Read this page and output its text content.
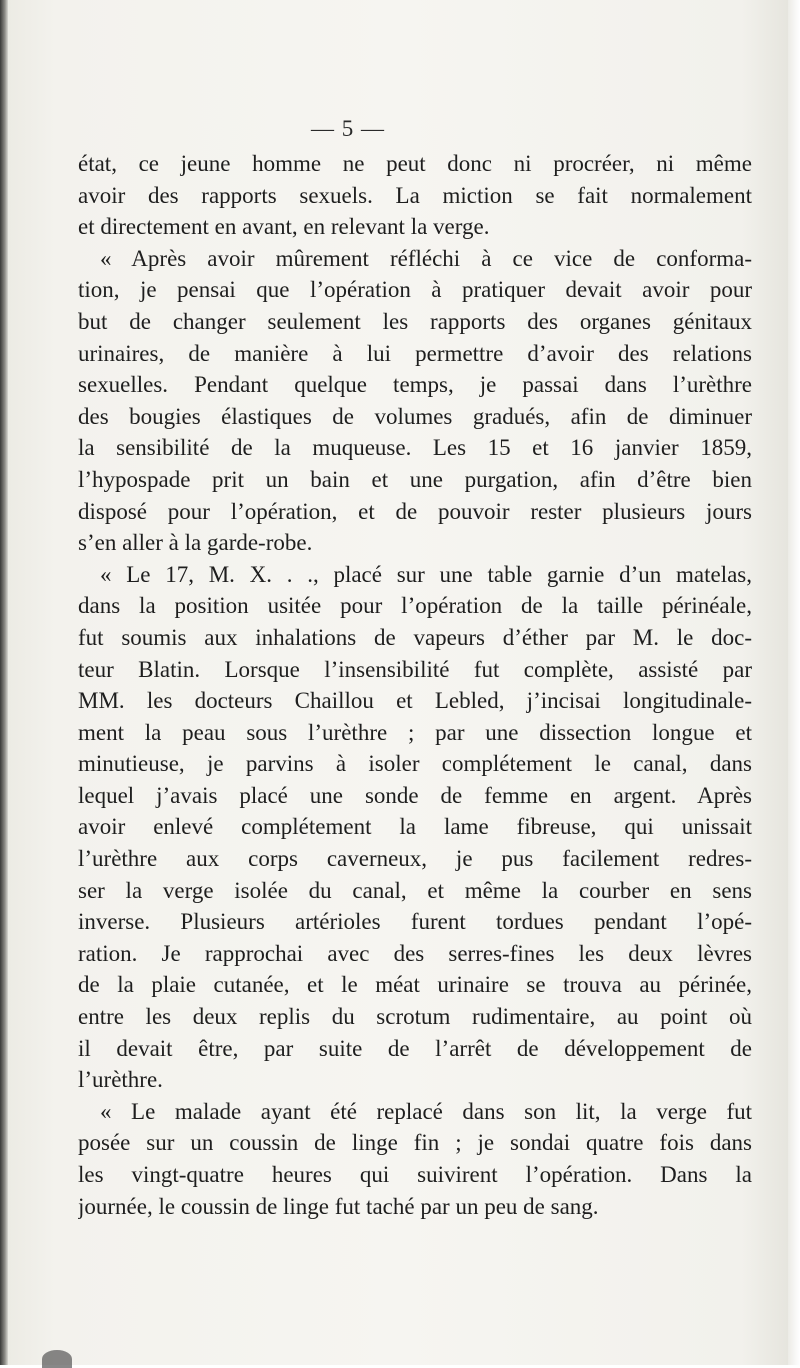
— 5 —
état, ce jeune homme ne peut donc ni procréer, ni même
avoir des rapports sexuels. La miction se fait normalement
et directement en avant, en relevant la verge.
« Après avoir mûrement réfléchi à ce vice de conforma-
tion, je pensai que l’opération à pratiquer devait avoir pour
but de changer seulement les rapports des organes génitaux
urinaires, de manière à lui permettre d’avoir des relations
sexuelles. Pendant quelque temps, je passai dans l’urèthre
des bougies élastiques de volumes gradués, afin de diminuer
la sensibilité de la muqueuse. Les 15 et 16 janvier 1859,
l’hypospade prit un bain et une purgation, afin d’être bien
disposé pour l’opération, et de pouvoir rester plusieurs jours
s’en aller à la garde-robe.
« Le 17, M. X. . ., placé sur une table garnie d’un matelas,
dans la position usitée pour l’opération de la taille périnéale,
fut soumis aux inhalations de vapeurs d’éther par M. le doc-
teur Blatin. Lorsque l’insensibilité fut complète, assisté par
MM. les docteurs Chaillou et Lebled, j’incisai longitudinale-
ment la peau sous l’urèthre ; par une dissection longue et
minutieuse, je parvins à isoler complétement le canal, dans
lequel j’avais placé une sonde de femme en argent. Après
avoir enlevé complétement la lame fibreuse, qui unissait
l’urèthre aux corps caverneux, je pus facilement redres-
ser la verge isolée du canal, et même la courber en sens
inverse. Plusieurs artérioles furent tordues pendant l’opé-
ration. Je rapprochai avec des serres-fines les deux lèvres
de la plaie cutanée, et le méat urinaire se trouva au périnée,
entre les deux replis du scrotum rudimentaire, au point où
il devait être, par suite de l’arrêt de développement de
l’urèthre.
« Le malade ayant été replacé dans son lit, la verge fut
posée sur un coussin de linge fin ; je sondai quatre fois dans
les vingt-quatre heures qui suivirent l’opération. Dans la
journée, le coussin de linge fut taché par un peu de sang.
